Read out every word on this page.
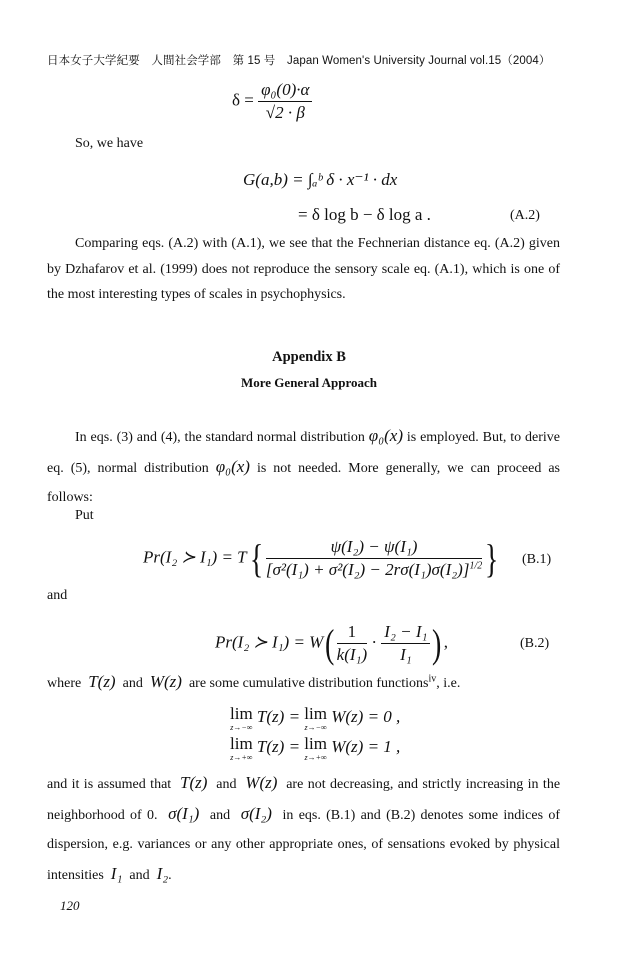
日本女子大学紀要　人間社会学部　第 15 号　Japan Women's University Journal vol.15（2004）
$\delta = \frac{\text{φ₀(0)·α}}{√2 \cdot \beta}$
So, we have
G(a,b) = ∫ₐᵇ δ · x⁻¹ · dx
= δ log b − δ log a .	(A.2)
Comparing eqs. (A.2) with (A.1), we see that the Fechnerian distance eq. (A.2) given by Dzhafarov et al. (1999) does not reproduce the sensory scale eq. (A.1), which is one of the most interesting types of scales in psychophysics.
Appendix B
More General Approach
In eqs. (3) and (4), the standard normal distribution φ₀(x) is employed. But, to derive eq. (5), normal distribution φ₀(x) is not needed. More generally, we can proceed as follows:
Put
Pr(I₂ ≻ $I_1) = T\{ \frac{\text{ψ(I₂) − ψ(I₁)}}{[\sigma^2(I_1) + \sigma^2(I_2) - 2r\sigma(I_1)\sigma(I_2)]^{1/2}}$ } (B.1)
and
Pr(I₂ ≻ $I_1) = W( \frac{1}{\text{k(I₁)}} \cdot \frac{\text{I₂ − I₁}}{\text{I₁}}$ ) ,	(B.2)
where T(z) and W(z) are some cumulative distribution functions$^{iv}$, i.e.
lim
z→−∞
T(z) = lim
z→−∞
W(z) = 0 ,
lim
z→+∞
T(z) = lim
z→+∞
W(z) = 1 ,
and it is assumed that T(z) and W(z) are not decreasing, and strictly increasing in the neighborhood of 0. σ(I₁) and σ(I₂) in eqs. (B.1) and (B.2) denotes some indices of dispersion, e.g. variances or any other appropriate ones, of sensations evoked by physical intensities I₁ and I₂.
120
